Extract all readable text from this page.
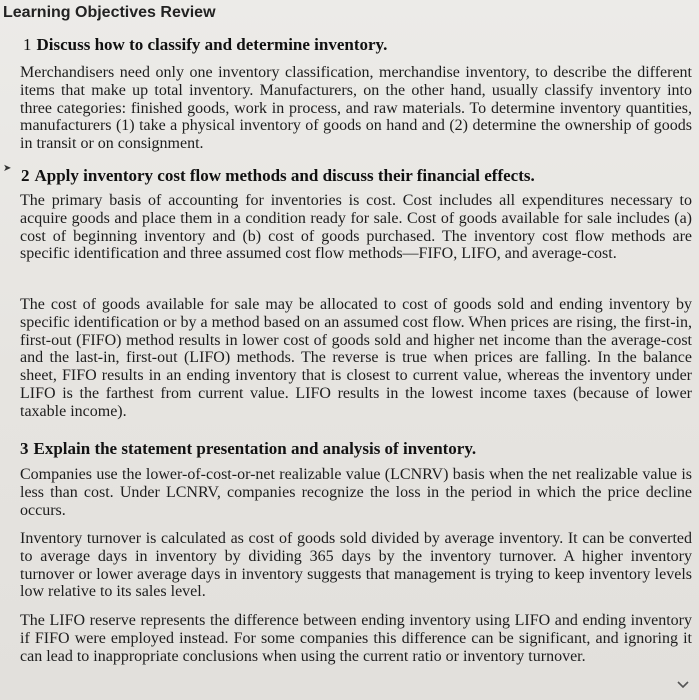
Learning Objectives Review
1 Discuss how to classify and determine inventory.
Merchandisers need only one inventory classification, merchandise inventory, to describe the different items that make up total inventory. Manufacturers, on the other hand, usually classify inventory into three categories: finished goods, work in process, and raw materials. To determine inventory quantities, manufacturers (1) take a physical inventory of goods on hand and (2) determine the ownership of goods in transit or on consignment.
➤ 2 Apply inventory cost flow methods and discuss their financial effects.
The primary basis of accounting for inventories is cost. Cost includes all expenditures necessary to acquire goods and place them in a condition ready for sale. Cost of goods available for sale includes (a) cost of beginning inventory and (b) cost of goods purchased. The inventory cost flow methods are specific identification and three assumed cost flow methods—FIFO, LIFO, and average-cost.
The cost of goods available for sale may be allocated to cost of goods sold and ending inventory by specific identification or by a method based on an assumed cost flow. When prices are rising, the first-in, first-out (FIFO) method results in lower cost of goods sold and higher net income than the average-cost and the last-in, first-out (LIFO) methods. The reverse is true when prices are falling. In the balance sheet, FIFO results in an ending inventory that is closest to current value, whereas the inventory under LIFO is the farthest from current value. LIFO results in the lowest income taxes (because of lower taxable income).
3 Explain the statement presentation and analysis of inventory.
Companies use the lower-of-cost-or-net realizable value (LCNRV) basis when the net realizable value is less than cost. Under LCNRV, companies recognize the loss in the period in which the price decline occurs.
Inventory turnover is calculated as cost of goods sold divided by average inventory. It can be converted to average days in inventory by dividing 365 days by the inventory turnover. A higher inventory turnover or lower average days in inventory suggests that management is trying to keep inventory levels low relative to its sales level.
The LIFO reserve represents the difference between ending inventory using LIFO and ending inventory if FIFO were employed instead. For some companies this difference can be significant, and ignoring it can lead to inappropriate conclusions when using the current ratio or inventory turnover.
